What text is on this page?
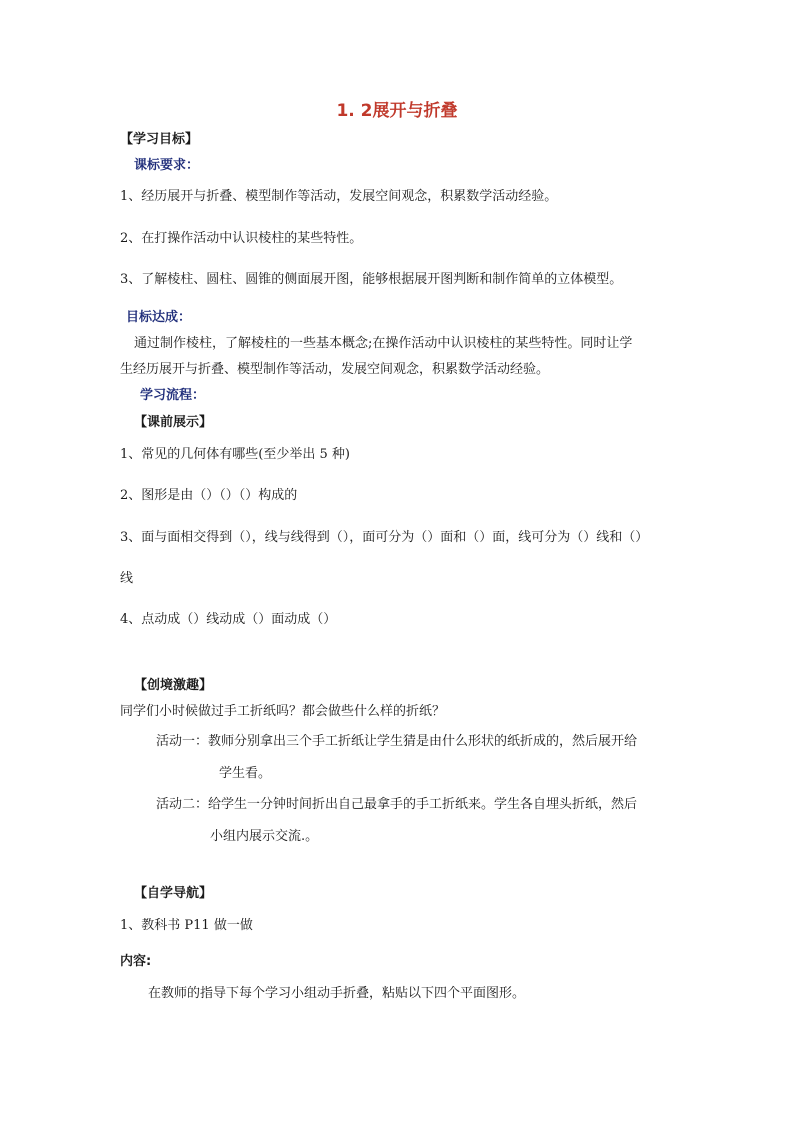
1. 2展开与折叠
【学习目标】
课标要求：
1、经历展开与折叠、模型制作等活动，发展空间观念，积累数学活动经验。
2、在打操作活动中认识棱柱的某些特性。
3、了解棱柱、圆柱、圆锥的侧面展开图，能够根据展开图判断和制作简单的立体模型。
目标达成：
通过制作棱柱，了解棱柱的一些基本概念;在操作活动中认识棱柱的某些特性。同时让学
生经历展开与折叠、模型制作等活动，发展空间观念，积累数学活动经验。
学习流程：
【课前展示】
1、常见的几何体有哪些(至少举出 5 种)
2、图形是由（）（）（）构成的
3、面与面相交得到（），线与线得到（），面可分为（）面和（）面，线可分为（）线和（）
线
4、点动成（）线动成（）面动成（）
【创境激趣】
同学们小时候做过手工折纸吗？都会做些什么样的折纸？
活动一：教师分别拿出三个手工折纸让学生猜是由什么形状的纸折成的，然后展开给
学生看。
活动二：给学生一分钟时间折出自己最拿手的手工折纸来。学生各自埋头折纸，然后
小组内展示交流.。
【自学导航】
1、教科书 P11 做一做
内容:
在教师的指导下每个学习小组动手折叠，粘贴以下四个平面图形。
